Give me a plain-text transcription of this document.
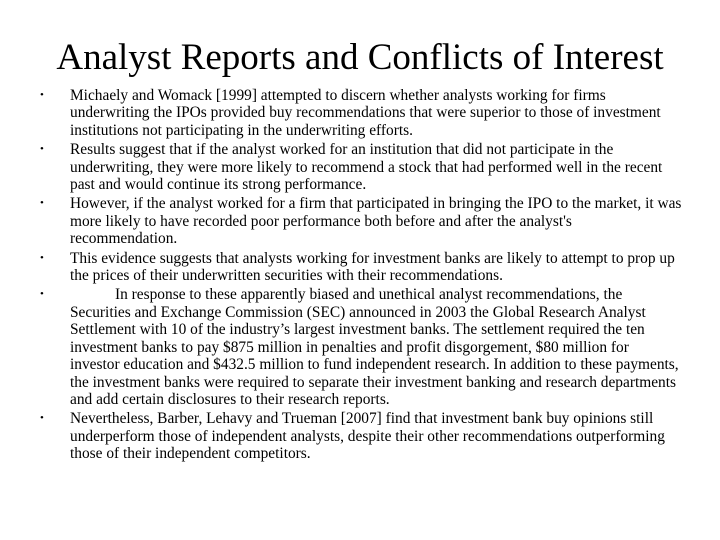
Analyst Reports and Conflicts of Interest
•	Michaely and Womack [1999] attempted to discern whether analysts working for firms underwriting the IPOs provided buy recommendations that were superior to those of investment institutions not participating in the underwriting efforts.
•	Results suggest that if the analyst worked for an institution that did not participate in the underwriting, they were more likely to recommend a stock that had performed well in the recent past and would continue its strong performance.
•	However, if the analyst worked for a firm that participated in bringing the IPO to the market, it was more likely to have recorded poor performance both before and after the analyst's recommendation.
•	This evidence suggests that analysts working for investment banks are likely to attempt to prop up the prices of their underwritten securities with their recommendations.
•	In response to these apparently biased and unethical analyst recommendations, the Securities and Exchange Commission (SEC) announced in 2003 the Global Research Analyst Settlement with 10 of the industry’s largest investment banks. The settlement required the ten investment banks to pay $875 million in penalties and profit disgorgement, $80 million for investor education and $432.5 million to fund independent research. In addition to these payments, the investment banks were required to separate their investment banking and research departments and add certain disclosures to their research reports.
•	Nevertheless, Barber, Lehavy and Trueman [2007] find that investment bank buy opinions still underperform those of independent analysts, despite their other recommendations outperforming those of their independent competitors.
